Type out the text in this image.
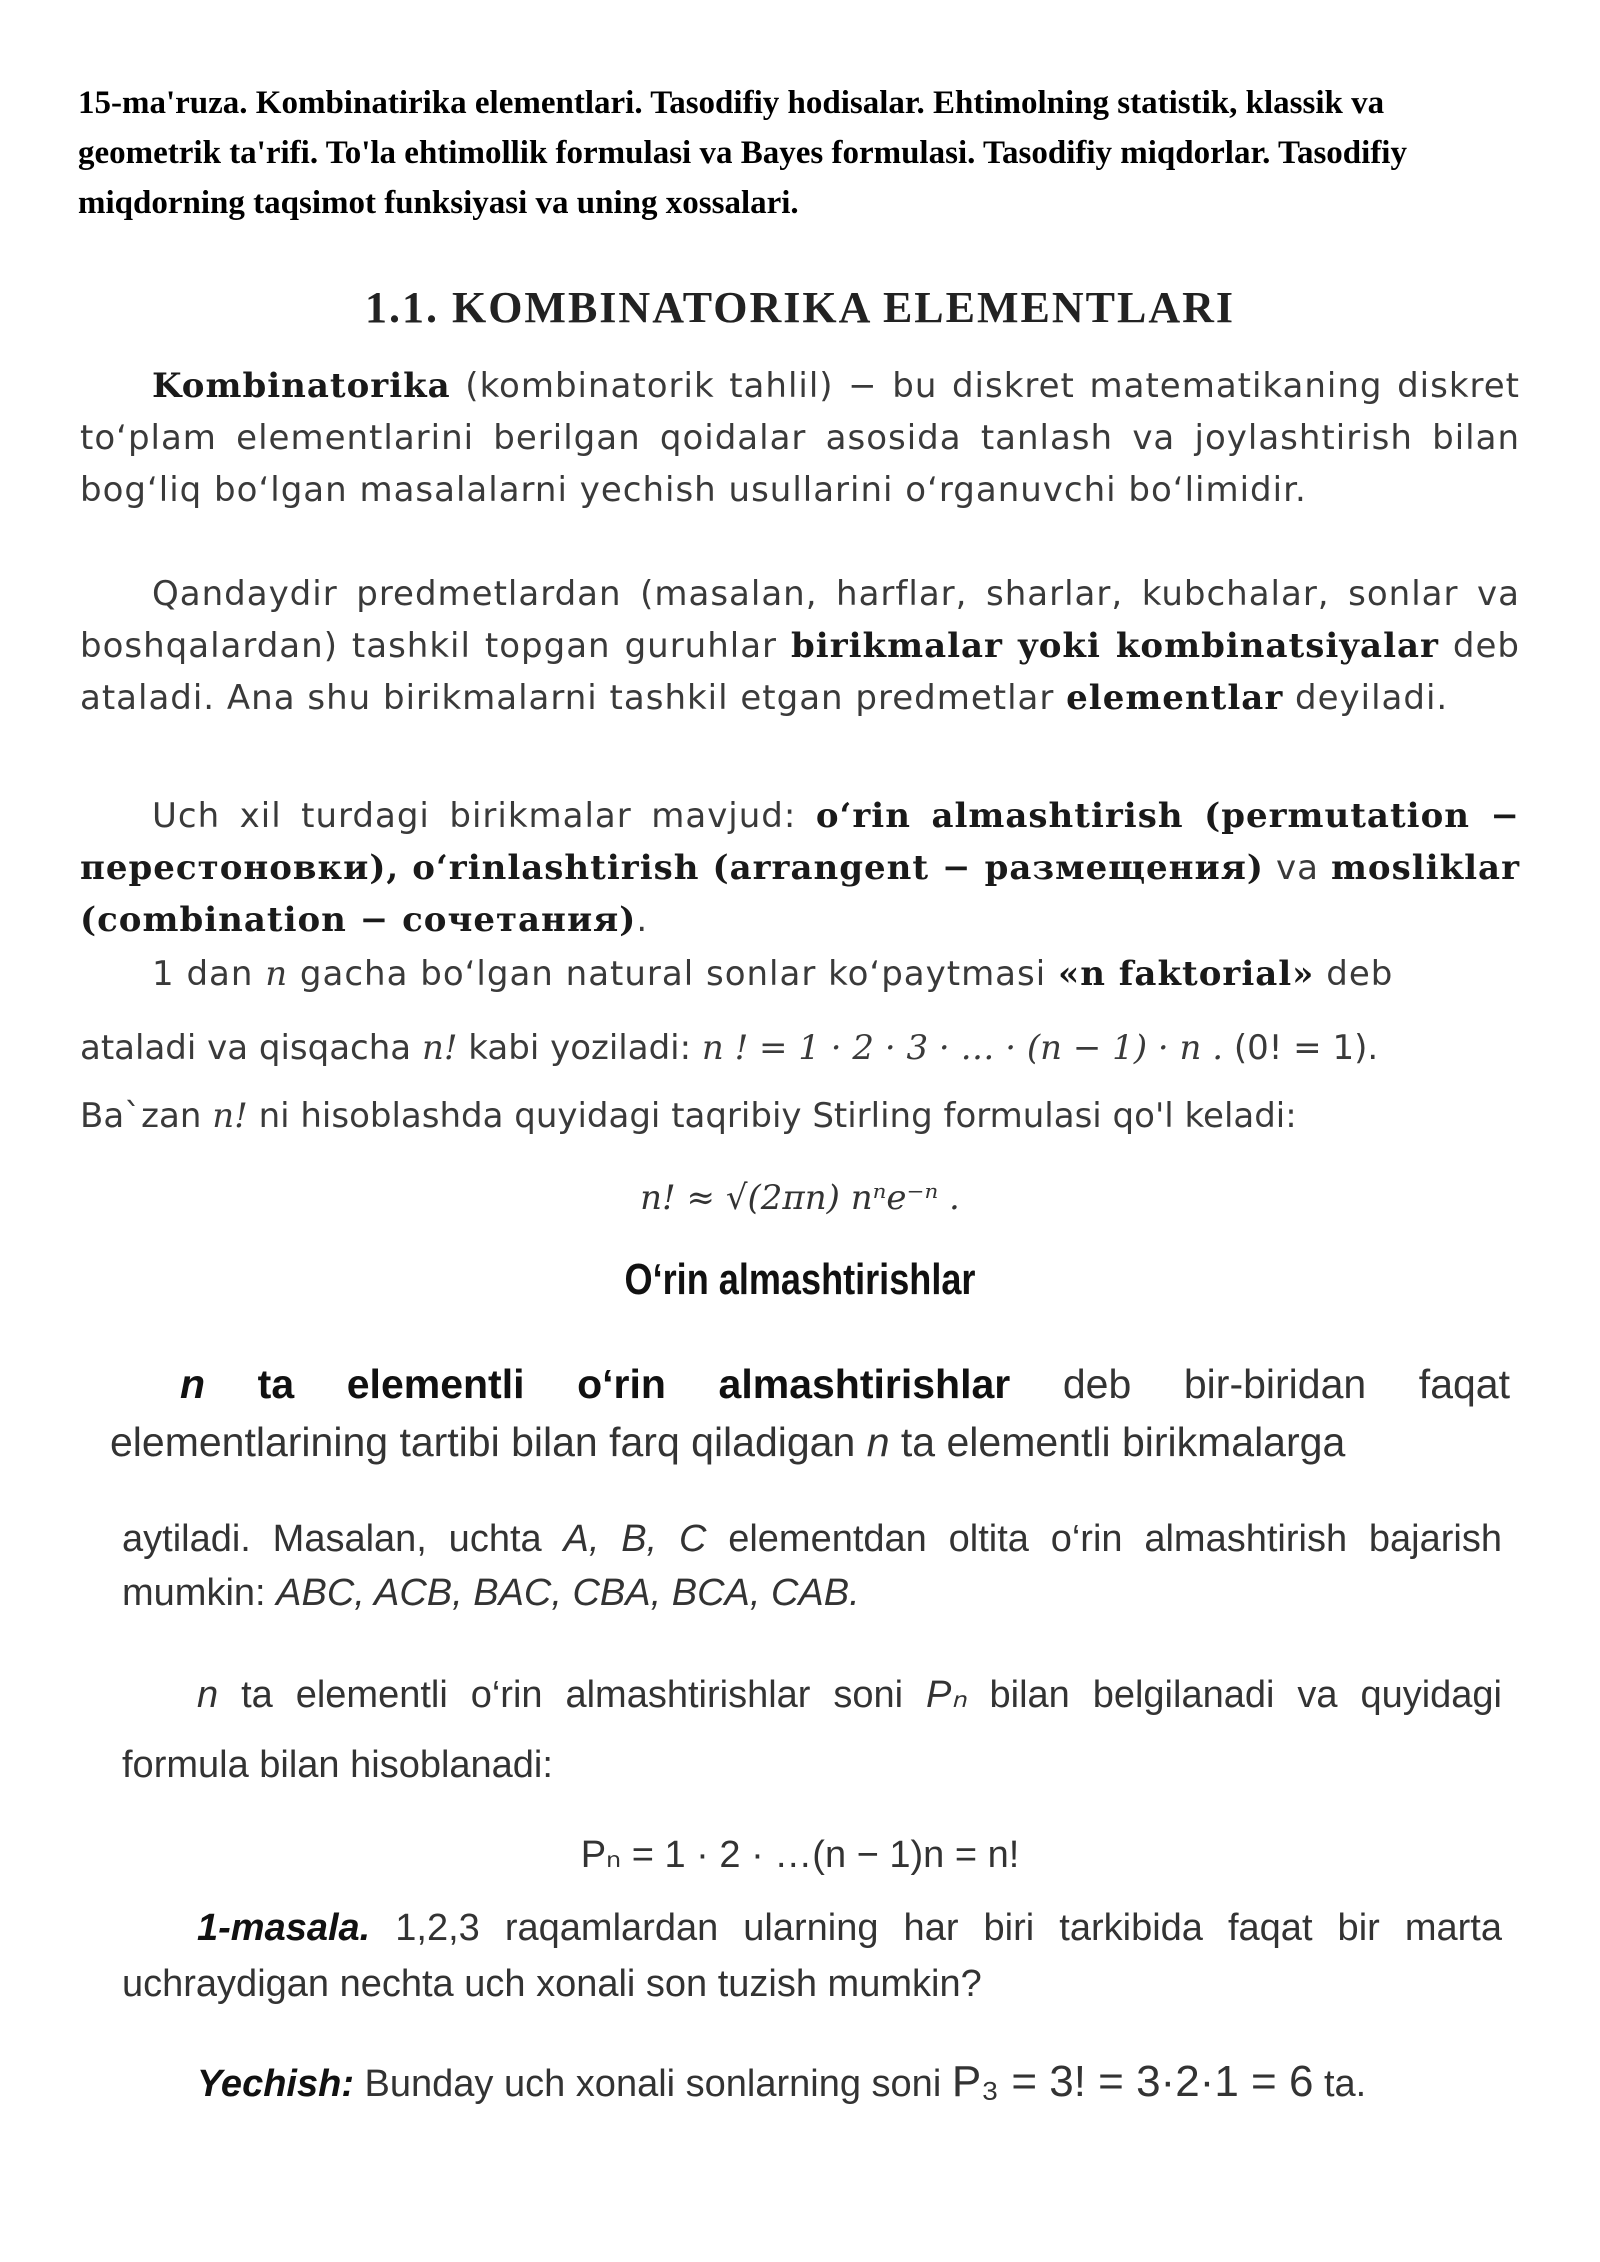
15-ma'ruza. Kombinatirika elementlari. Tasodifiy hodisalar. Ehtimolning statistik, klassik va geometrik ta'rifi. To'la ehtimollik formulasi va Bayes formulasi. Tasodifiy miqdorlar. Tasodifiy miqdorning taqsimot funksiyasi va uning xossalari.
1.1. KOMBINATORIKA ELEMENTLARI
Kombinatorika (kombinatorik tahlil) − bu diskret matematikaning diskret to‘plam elementlarini berilgan qoidalar asosida tanlash va joylashtirish bilan bog‘liq bo‘lgan masalalarni yechish usullarini o‘rganuvchi bo‘limidir.
Qandaydir predmetlardan (masalan, harflar, sharlar, kubchalar, sonlar va boshqalardan) tashkil topgan guruhlar birikmalar yoki kombinatsiyalar deb ataladi. Ana shu birikmalarni tashkil etgan predmetlar elementlar deyiladi.
Uch xil turdagi birikmalar mavjud: o‘rin almashtirish (permutation − перестоновки), o‘rinlashtirish (arrangent − размещения) va mosliklar (combination − сочетания).
1 dan n gacha bo‘lgan natural sonlar ko‘paytmasi «n faktorial» deb
ataladi va qisqacha n! kabi yoziladi: n ! = 1 · 2 · 3 · … · (n − 1) · n . (0! = 1).
Ba`zan n! ni hisoblashda quyidagi taqribiy Stirling formulasi qo'l keladi:
n! ≈ √(2πn) nⁿe⁻ⁿ .
O‘rin almashtirishlar
n ta elementli o‘rin almashtirishlar deb bir-biridan faqat elementlarining tartibi bilan farq qiladigan n ta elementli birikmalarga
aytiladi. Masalan, uchta A, B, C elementdan oltita o‘rin almashtirish bajarish mumkin: ABC, ACB, BAC, CBA, BCA, CAB.
n ta elementli o‘rin almashtirishlar soni Pₙ bilan belgilanadi va quyidagi formula bilan hisoblanadi:
Pₙ = 1 · 2 · …(n − 1)n = n!
1-masala. 1,2,3 raqamlardan ularning har biri tarkibida faqat bir marta uchraydigan nechta uch xonali son tuzish mumkin?
Yechish: Bunday uch xonali sonlarning soni P₃ = 3! = 3·2·1 = 6 ta.
